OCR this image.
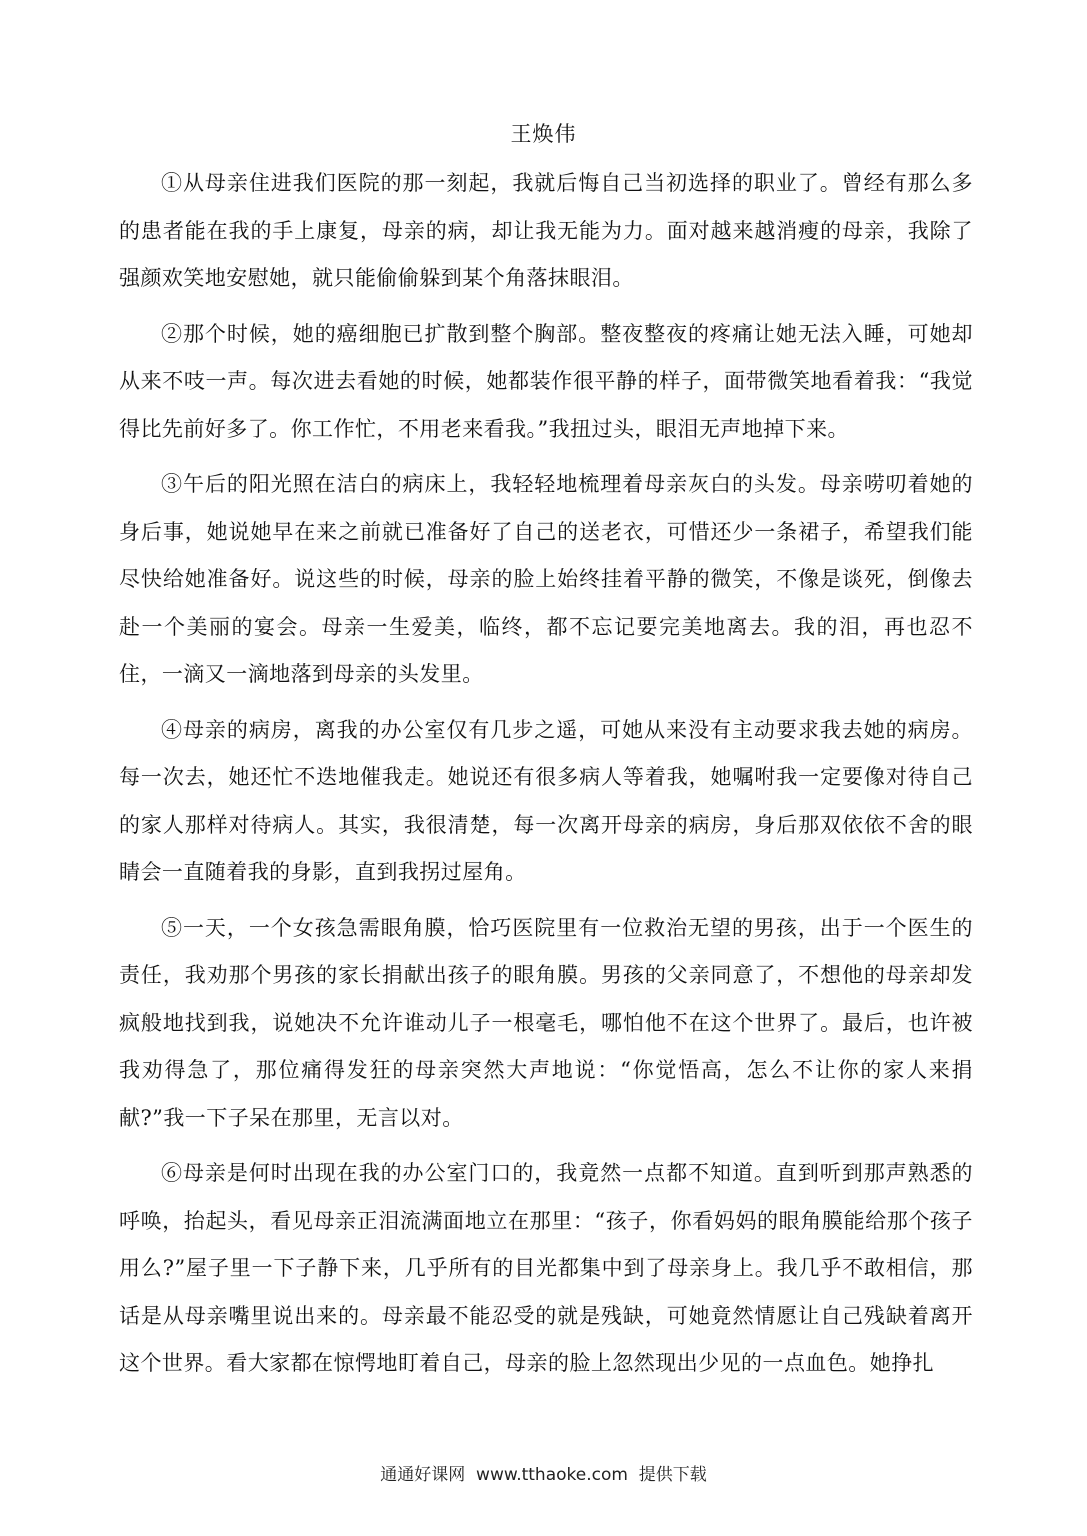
王焕伟

①从母亲住进我们医院的那一刻起，我就后悔自己当初选择的职业了。曾经有那么多的患者能在我的手上康复，母亲的病，却让我无能为力。面对越来越消瘦的母亲，我除了强颜欢笑地安慰她，就只能偷偷躲到某个角落抹眼泪。

②那个时候，她的癌细胞已扩散到整个胸部。整夜整夜的疼痛让她无法入睡，可她却从来不吱一声。每次进去看她的时候，她都装作很平静的样子，面带微笑地看着我：“我觉得比先前好多了。你工作忙，不用老来看我。”我扭过头，眼泪无声地掉下来。

③午后的阳光照在洁白的病床上，我轻轻地梳理着母亲灰白的头发。母亲唠叨着她的身后事，她说她早在来之前就已准备好了自己的送老衣，可惜还少一条裙子，希望我们能尽快给她准备好。说这些的时候，母亲的脸上始终挂着平静的微笑，不像是谈死，倒像去赴一个美丽的宴会。母亲一生爱美，临终，都不忘记要完美地离去。我的泪，再也忍不住，一滴又一滴地落到母亲的头发里。

④母亲的病房，离我的办公室仅有几步之遥，可她从来没有主动要求我去她的病房。每一次去，她还忙不迭地催我走。她说还有很多病人等着我，她嘱咐我一定要像对待自己的家人那样对待病人。其实，我很清楚，每一次离开母亲的病房，身后那双依依不舍的眼睛会一直随着我的身影，直到我拐过屋角。

⑤一天，一个女孩急需眼角膜，恰巧医院里有一位救治无望的男孩，出于一个医生的责任，我劝那个男孩的家长捐献出孩子的眼角膜。男孩的父亲同意了，不想他的母亲却发疯般地找到我，说她决不允许谁动儿子一根毫毛，哪怕他不在这个世界了。最后，也许被我劝得急了，那位痛得发狂的母亲突然大声地说：“你觉悟高，怎么不让你的家人来捐献?”我一下子呆在那里，无言以对。

⑥母亲是何时出现在我的办公室门口的，我竟然一点都不知道。直到听到那声熟悉的呼唤，抬起头，看见母亲正泪流满面地立在那里：“孩子，你看妈妈的眼角膜能给那个孩子用么?”屋子里一下子静下来，几乎所有的目光都集中到了母亲身上。我几乎不敢相信，那话是从母亲嘴里说出来的。母亲最不能忍受的就是残缺，可她竟然情愿让自己残缺着离开这个世界。看大家都在惊愕地盯着自己，母亲的脸上忽然现出少见的一点血色。她挣扎

通通好课网  www.tthaoke.com  提供下载
